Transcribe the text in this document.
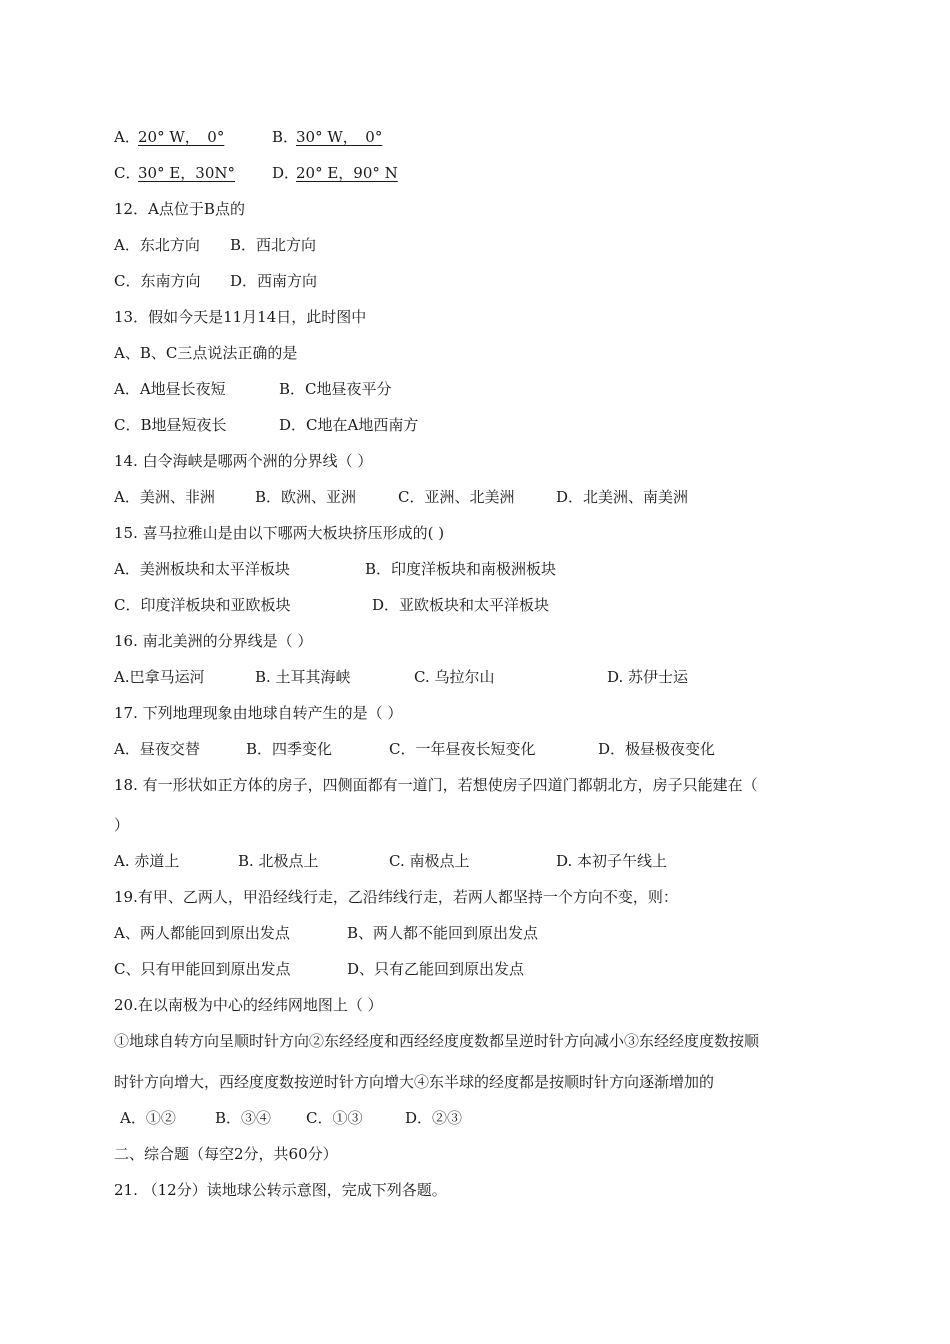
A．
20° W，　0°	B．
30° W，　0°
C．
30° E，30N° D．
20° E，90° N
12．A点位于B点的
A．东北方向 B．西北方向
C．东南方向 D．西南方向
13．假如今天是11月14日，此时图中
A、B、C三点说法正确的是
A．A地昼长夜短	B．C地昼夜平分
C．B地昼短夜长	D．C地在A地西南方
14. 白令海峡是哪两个洲的分界线（ ）
A．美洲、非洲	B．欧洲、亚洲	C．亚洲、北美洲	D．北美洲、南美洲
15. 喜马拉雅山是由以下哪两大板块挤压形成的( )
A．美洲板块和太平洋板块	B．印度洋板块和南极洲板块
C．印度洋板块和亚欧板块	D．亚欧板块和太平洋板块
16. 南北美洲的分界线是（ ）
A.巴拿马运河	B. 土耳其海峡	C. 乌拉尔山	D. 苏伊士运
17. 下列地理现象由地球自转产生的是（ ）
A．昼夜交替	B．四季变化	C．一年昼夜长短变化	D．极昼极夜变化
18. 有一形状如正方体的房子，四侧面都有一道门，若想使房子四道门都朝北方，房子只能建在（
）
A. 赤道上	B. 北极点上	C. 南极点上	D. 本初子午线上
19.有甲、乙两人，甲沿经线行走，乙沿纬线行走，若两人都坚持一个方向不变，则：
A、两人都能回到原出发点	B、两人都不能回到原出发点
C、只有甲能回到原出发点	D、只有乙能回到原出发点
20.在以南极为中心的经纬网地图上（ ）
①地球自转方向呈顺时针方向②东经经度和西经经度度数都呈逆时针方向减小③东经经度度数按顺
时针方向增大，西经度度数按逆时针方向增大④东半球的经度都是按顺时针方向逐渐增加的
A．①②	B．③④ C．①③	D．②③
二、综合题（每空2分，共60分）
21. （12分）读地球公转示意图，完成下列各题。
